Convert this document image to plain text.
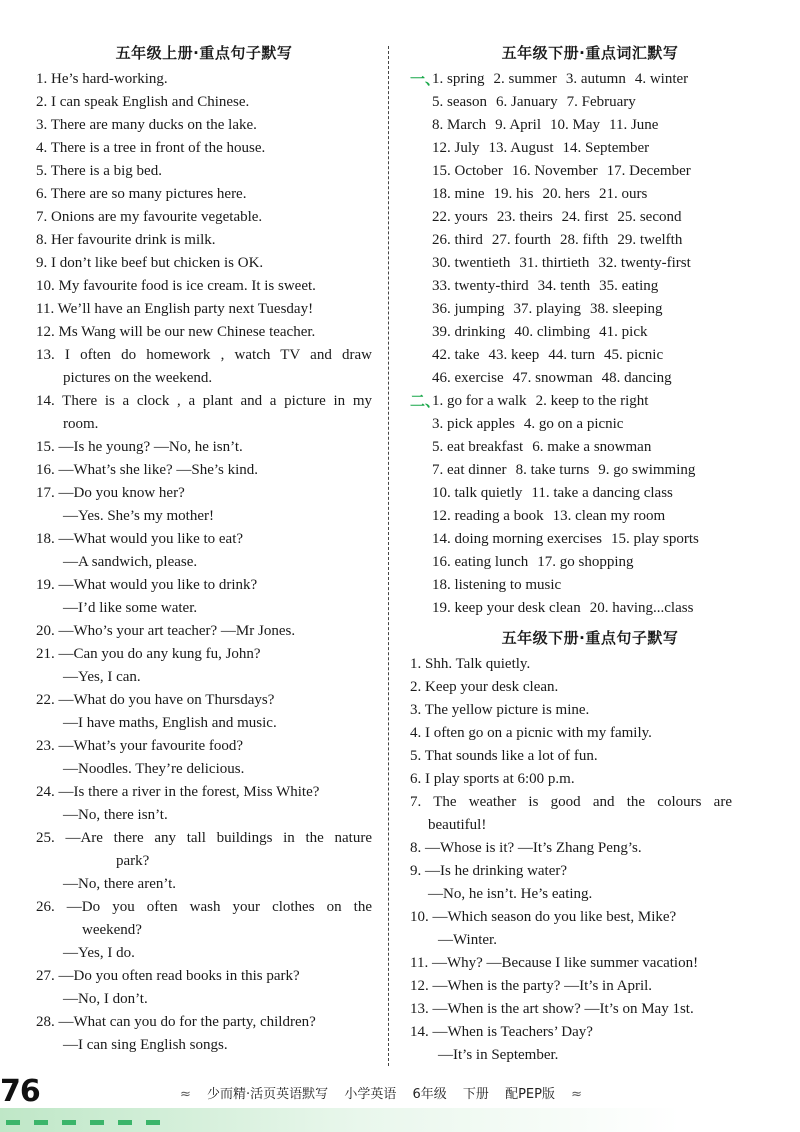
五年级上册·重点句子默写
1. He’s hard-working.
2. I can speak English and Chinese.
3. There are many ducks on the lake.
4. There is a tree in front of the house.
5. There is a big bed.
6. There are so many pictures here.
7. Onions are my favourite vegetable.
8. Her favourite drink is milk.
9. I don’t like beef but chicken is OK.
10. My favourite food is ice cream. It is sweet.
11. We’ll have an English party next Tuesday!
12. Ms Wang will be our new Chinese teacher.
13. I often do homework , watch TV and draw
pictures on the weekend.
14. There is a clock , a plant and a picture in my
room.
15. —Is he young? —No, he isn’t.
16. —What’s she like? —She’s kind.
17. —Do you know her?
—Yes. She’s my mother!
18. —What would you like to eat?
—A sandwich, please.
19. —What would you like to drink?
—I’d like some water.
20. —Who’s your art teacher? —Mr Jones.
21. —Can you do any kung fu, John?
—Yes, I can.
22. —What do you have on Thursdays?
—I have maths, English and music.
23. —What’s your favourite food?
—Noodles. They’re delicious.
24. —Is there a river in the forest, Miss White?
—No, there isn’t.
25. —Are there any tall buildings in the nature
park?
—No, there aren’t.
26. —Do you often wash your clothes on the
weekend?
—Yes, I do.
27. —Do you often read books in this park?
—No, I don’t.
28. —What can you do for the party, children?
—I can sing English songs.
五年级下册·重点词汇默写
一、
1. spring 2. summer 3. autumn 4. winter
5. season 6. January 7. February
8. March 9. April 10. May 11. June
12. July 13. August 14. September
15. October 16. November 17. December
18. mine 19. his 20. hers 21. ours
22. yours 23. theirs 24. first 25. second
26. third 27. fourth 28. fifth 29. twelfth
30. twentieth 31. thirtieth 32. twenty-first
33. twenty-third 34. tenth 35. eating
36. jumping 37. playing 38. sleeping
39. drinking 40. climbing 41. pick
42. take 43. keep 44. turn 45. picnic
46. exercise 47. snowman 48. dancing
二、
1. go for a walk 2. keep to the right
3. pick apples 4. go on a picnic
5. eat breakfast 6. make a snowman
7. eat dinner 8. take turns 9. go swimming
10. talk quietly 11. take a dancing class
12. reading a book 13. clean my room
14. doing morning exercises 15. play sports
16. eating lunch 17. go shopping
18. listening to music
19. keep your desk clean 20. having...class
五年级下册·重点句子默写
1. Shh. Talk quietly.
2. Keep your desk clean.
3. The yellow picture is mine.
4. I often go on a picnic with my family.
5. That sounds like a lot of fun.
6. I play sports at 6:00 p.m.
7. The weather is good and the colours are
beautiful!
8. —Whose is it? —It’s Zhang Peng’s.
9. —Is he drinking water?
—No, he isn’t. He’s eating.
10. —Which season do you like best, Mike?
—Winter.
11. —Why? —Because I like summer vacation!
12. —When is the party? —It’s in April.
13. —When is the art show? —It’s on May 1st.
14. —When is Teachers’ Day?
—It’s in September.
76	≈ 少而精·活页英语默写 小学英语 6年级 下册 配PEP版 ≈
